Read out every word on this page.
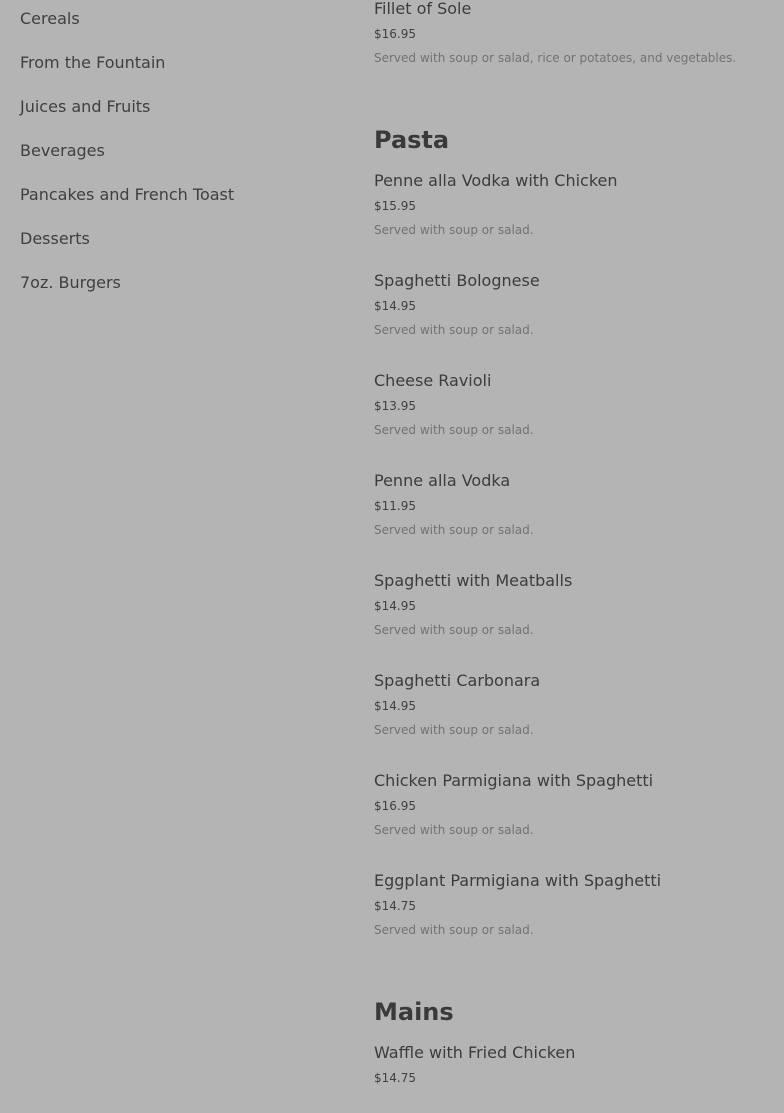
Cereals
From the Fountain
Juices and Fruits
Beverages
Pancakes and French Toast
Desserts
7oz. Burgers
Fillet of Sole
$16.95
Served with soup or salad, rice or potatoes, and vegetables.
Pasta
Penne alla Vodka with Chicken
$15.95
Served with soup or salad.
Spaghetti Bolognese
$14.95
Served with soup or salad.
Cheese Ravioli
$13.95
Served with soup or salad.
Penne alla Vodka
$11.95
Served with soup or salad.
Spaghetti with Meatballs
$14.95
Served with soup or salad.
Spaghetti Carbonara
$14.95
Served with soup or salad.
Chicken Parmigiana with Spaghetti
$16.95
Served with soup or salad.
Eggplant Parmigiana with Spaghetti
$14.75
Served with soup or salad.
Mains
Waffle with Fried Chicken
$14.75
